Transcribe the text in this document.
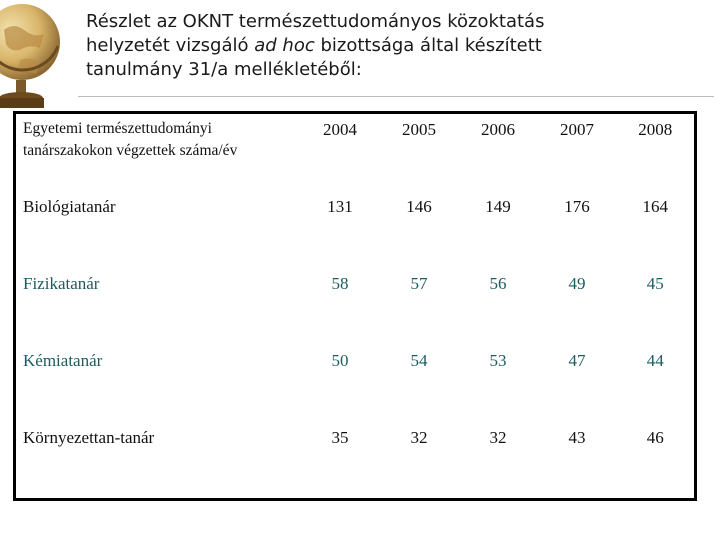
Részlet az OKNT természettudományos közoktatás
helyzetét vizsgáló ad hoc bizottsága által készített
tanulmány 31/a mellékletéből:
Egyetemi természettudományi tanárszakokon végzettek száma/év	2004	2005	2006	2007	2008
Biológiatanár	131	146	149	176	164
Fizikatanár	58	57	56	49	45
Kémiatanár	50	54	53	47	44
Környezettan-tanár	35	32	32	43	46
